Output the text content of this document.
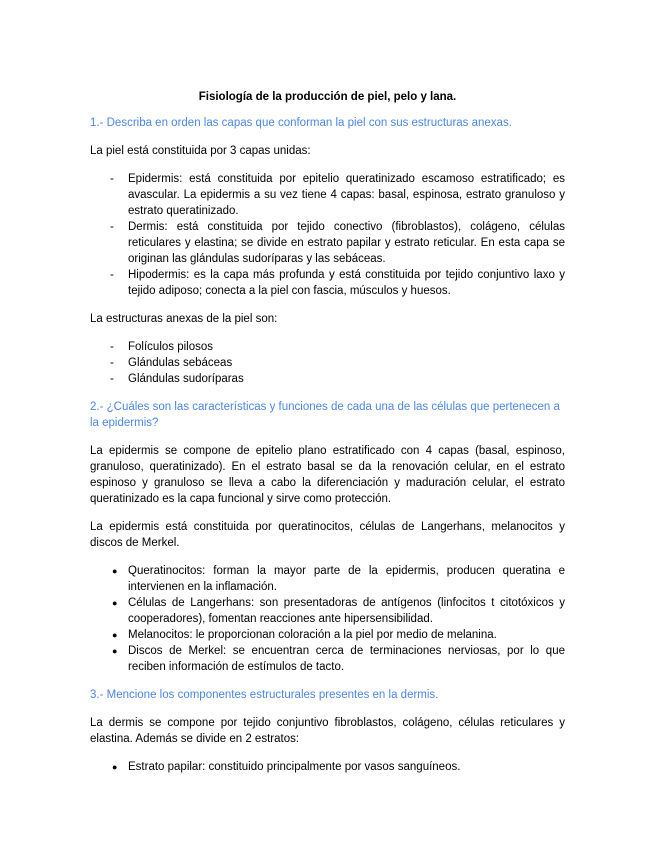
Fisiología de la producción de piel, pelo y lana.
1.- Describa en orden las capas que conforman la piel con sus estructuras anexas.
La piel está constituida por 3 capas unidas:
- Epidermis: está constituida por epitelio queratinizado escamoso estratificado; es avascular. La epidermis a su vez tiene 4 capas: basal, espinosa, estrato granuloso y estrato queratinizado.
- Dermis: está constituida por tejido conectivo (fibroblastos), colágeno, células reticulares y elastina; se divide en estrato papilar y estrato reticular. En esta capa se originan las glándulas sudoríparas y las sebáceas.
- Hipodermis: es la capa más profunda y está constituida por tejido conjuntivo laxo y tejido adiposo; conecta a la piel con fascia, músculos y huesos.
La estructuras anexas de la piel son:
- Folículos pilosos
- Glándulas sebáceas
- Glándulas sudoríparas
2.- ¿Cuáles son las características y funciones de cada una de las células que pertenecen a la epidermis?
La epidermis se compone de epitelio plano estratificado con 4 capas (basal, espinoso, granuloso, queratinizado). En el estrato basal se da la renovación celular, en el estrato espinoso y granuloso se lleva a cabo la diferenciación y maduración celular, el estrato queratinizado es la capa funcional y sirve como protección.
La epidermis está constituida por queratinocitos, células de Langerhans, melanocitos y discos de Merkel.
● Queratinocitos: forman la mayor parte de la epidermis, producen queratina e intervienen en la inflamación.
● Células de Langerhans: son presentadoras de antígenos (linfocitos t citotóxicos y cooperadores), fomentan reacciones ante hipersensibilidad.
● Melanocitos: le proporcionan coloración a la piel por medio de melanina.
● Discos de Merkel: se encuentran cerca de terminaciones nerviosas, por lo que reciben información de estímulos de tacto.
3.- Mencione los componentes estructurales presentes en la dermis.
La dermis se compone por tejido conjuntivo fibroblastos, colágeno, células reticulares y elastina. Además se divide en 2 estratos:
● Estrato papilar: constituido principalmente por vasos sanguíneos.
